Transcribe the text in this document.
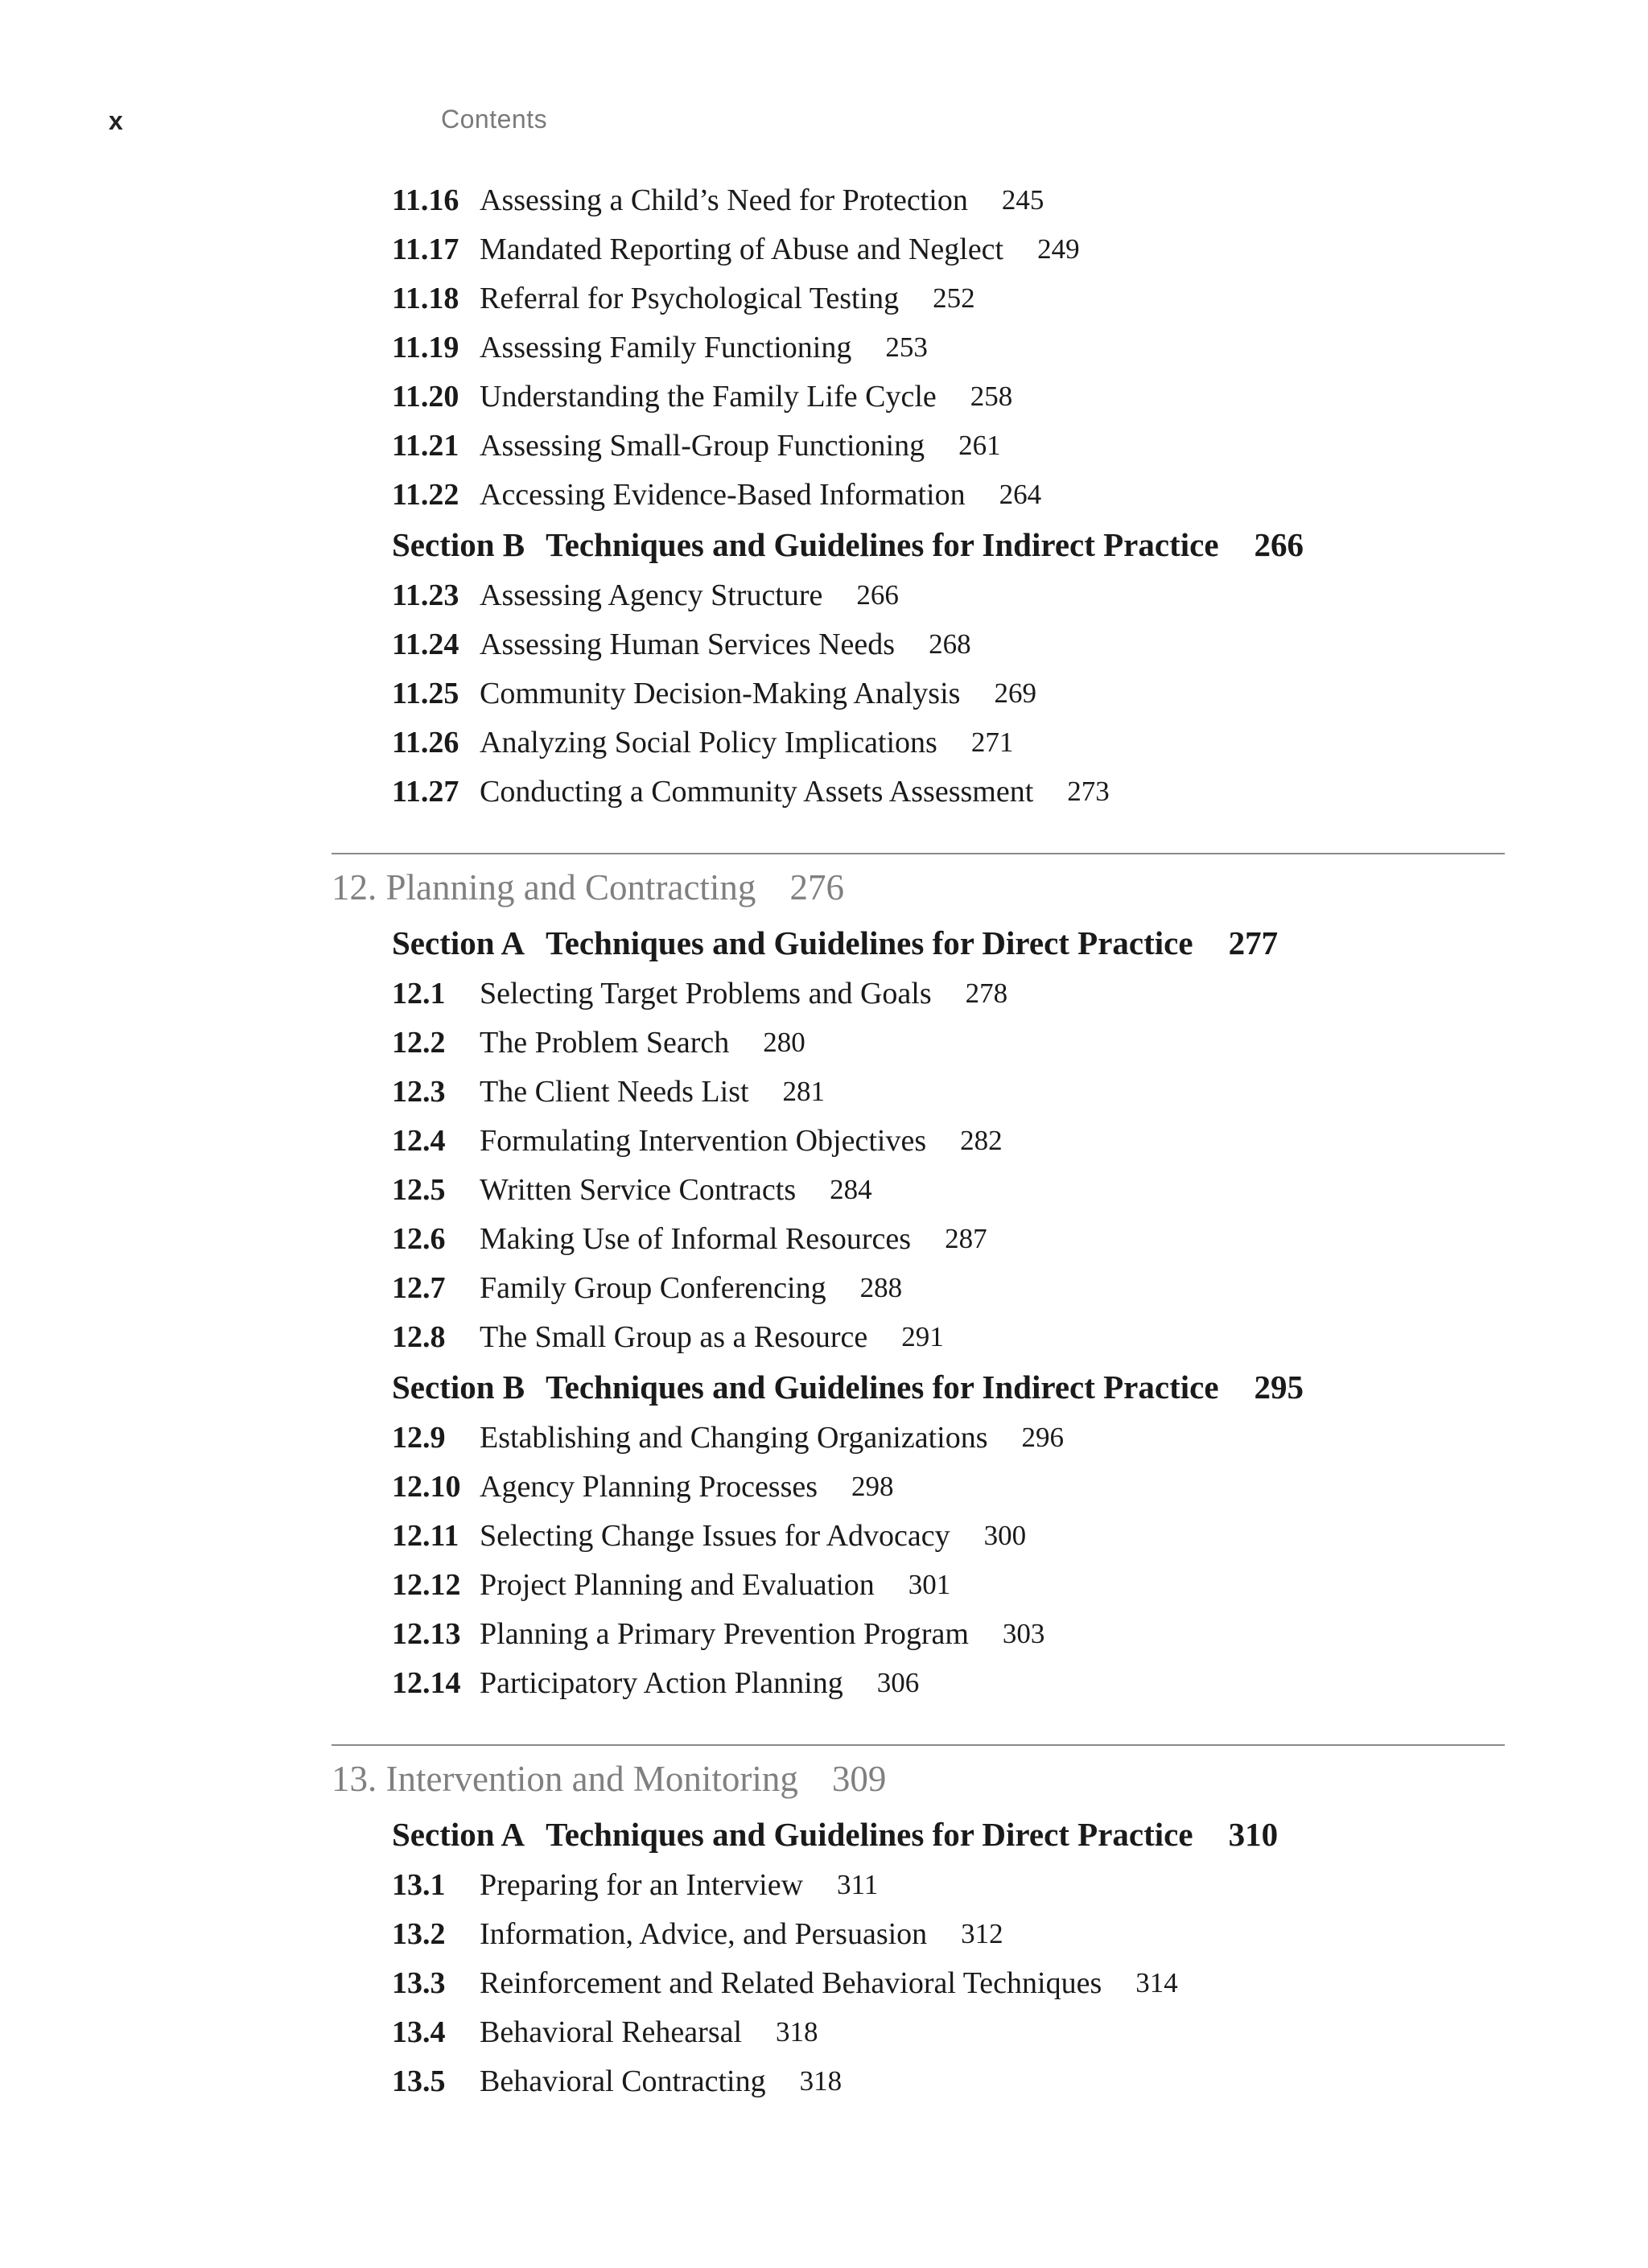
x	Contents
11.16 Assessing a Child’s Need for Protection 245
11.17 Mandated Reporting of Abuse and Neglect 249
11.18 Referral for Psychological Testing 252
11.19 Assessing Family Functioning 253
11.20 Understanding the Family Life Cycle 258
11.21 Assessing Small-Group Functioning 261
11.22 Accessing Evidence-Based Information 264
Section B Techniques and Guidelines for Indirect Practice 266
11.23 Assessing Agency Structure 266
11.24 Assessing Human Services Needs 268
11.25 Community Decision-Making Analysis 269
11.26 Analyzing Social Policy Implications 271
11.27 Conducting a Community Assets Assessment 273
12. Planning and Contracting 276
Section A Techniques and Guidelines for Direct Practice 277
12.1	Selecting Target Problems and Goals 278
12.2	The Problem Search 280
12.3	The Client Needs List 281
12.4	Formulating Intervention Objectives 282
12.5	Written Service Contracts 284
12.6	Making Use of Informal Resources 287
12.7	Family Group Conferencing 288
12.8	The Small Group as a Resource 291
Section B Techniques and Guidelines for Indirect Practice 295
12.9	Establishing and Changing Organizations 296
12.10 Agency Planning Processes 298
12.11 Selecting Change Issues for Advocacy 300
12.12 Project Planning and Evaluation 301
12.13 Planning a Primary Prevention Program 303
12.14 Participatory Action Planning 306
13. Intervention and Monitoring 309
Section A Techniques and Guidelines for Direct Practice 310
13.1	Preparing for an Interview 311
13.2	Information, Advice, and Persuasion 312
13.3	Reinforcement and Related Behavioral Techniques 314
13.4	Behavioral Rehearsal 318
13.5	Behavioral Contracting 318
